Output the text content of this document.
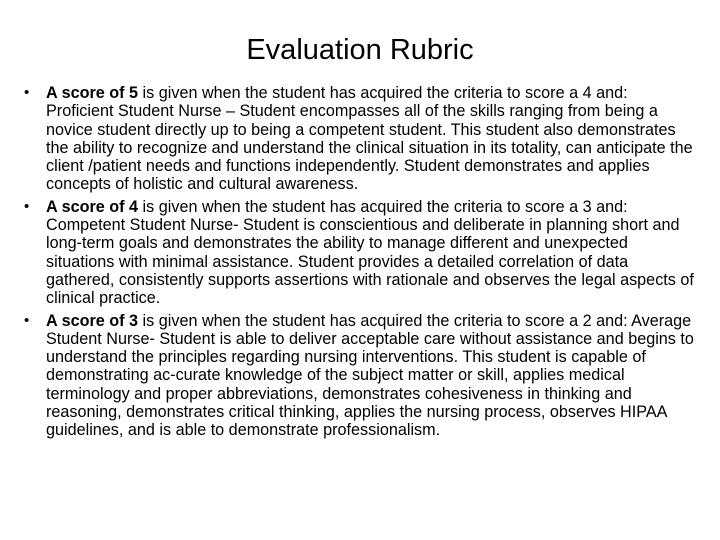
Evaluation Rubric
• A score of 5 is given when the student has acquired the criteria to score a 4 and: Proficient Student Nurse – Student encompasses all of the skills ranging from being a novice student directly up to being a competent student. This student also demonstrates the ability to recognize and understand the clinical situation in its totality, can anticipate the client /patient needs and functions independently. Student demonstrates and applies concepts of holistic and cultural awareness.
• A score of 4 is given when the student has acquired the criteria to score a 3 and: Competent Student Nurse- Student is conscientious and deliberate in planning short and long-term goals and demonstrates the ability to manage different and unexpected situations with minimal assistance. Student provides a detailed correlation of data gathered, consistently supports assertions with rationale and observes the legal aspects of clinical practice.
• A score of 3 is given when the student has acquired the criteria to score a 2 and: Average Student Nurse- Student is able to deliver acceptable care without assistance and begins to understand the principles regarding nursing interventions. This student is capable of demonstrating ac-curate knowledge of the subject matter or skill, applies medical terminology and proper abbreviations, demonstrates cohesiveness in thinking and reasoning, demonstrates critical thinking, applies the nursing process, observes HIPAA guidelines, and is able to demonstrate professionalism.
